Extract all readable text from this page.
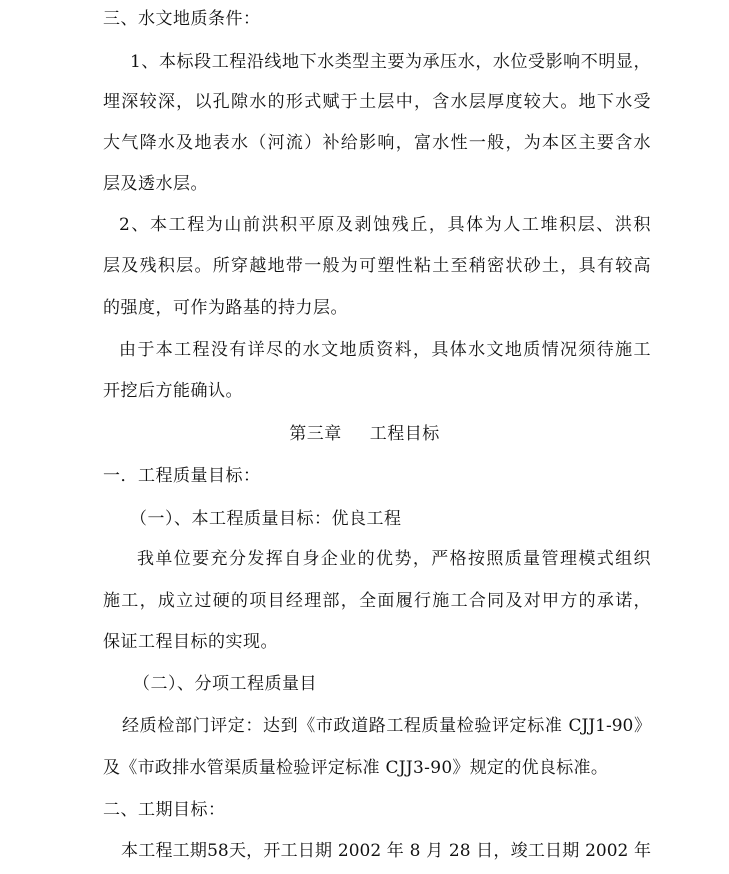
三、水文地质条件：
1、本标段工程沿线地下水类型主要为承压水，水位受影响不明显，
埋深较深，以孔隙水的形式赋于土层中，含水层厚度较大。地下水受
大气降水及地表水（河流）补给影响，富水性一般，为本区主要含水
层及透水层。
2、本工程为山前洪积平原及剥蚀残丘，具体为人工堆积层、洪积
层及残积层。所穿越地带一般为可塑性粘土至稍密状砂土，具有较高
的强度，可作为路基的持力层。
由于本工程没有详尽的水文地质资料，具体水文地质情况须待施工
开挖后方能确认。
第三章 工程目标
一．工程质量目标：
（一）、本工程质量目标：优良工程
我单位要充分发挥自身企业的优势，严格按照质量管理模式组织
施工，成立过硬的项目经理部，全面履行施工合同及对甲方的承诺，
保证工程目标的实现。
（二）、分项工程质量目
经质检部门评定：达到《市政道路工程质量检验评定标准 CJJ1-90》
及《市政排水管渠质量检验评定标准 CJJ3-90》规定的优良标准。
二、工期目标：
本工程工期58天，开工日期 2002 年 8 月 28 日，竣工日期 2002 年
